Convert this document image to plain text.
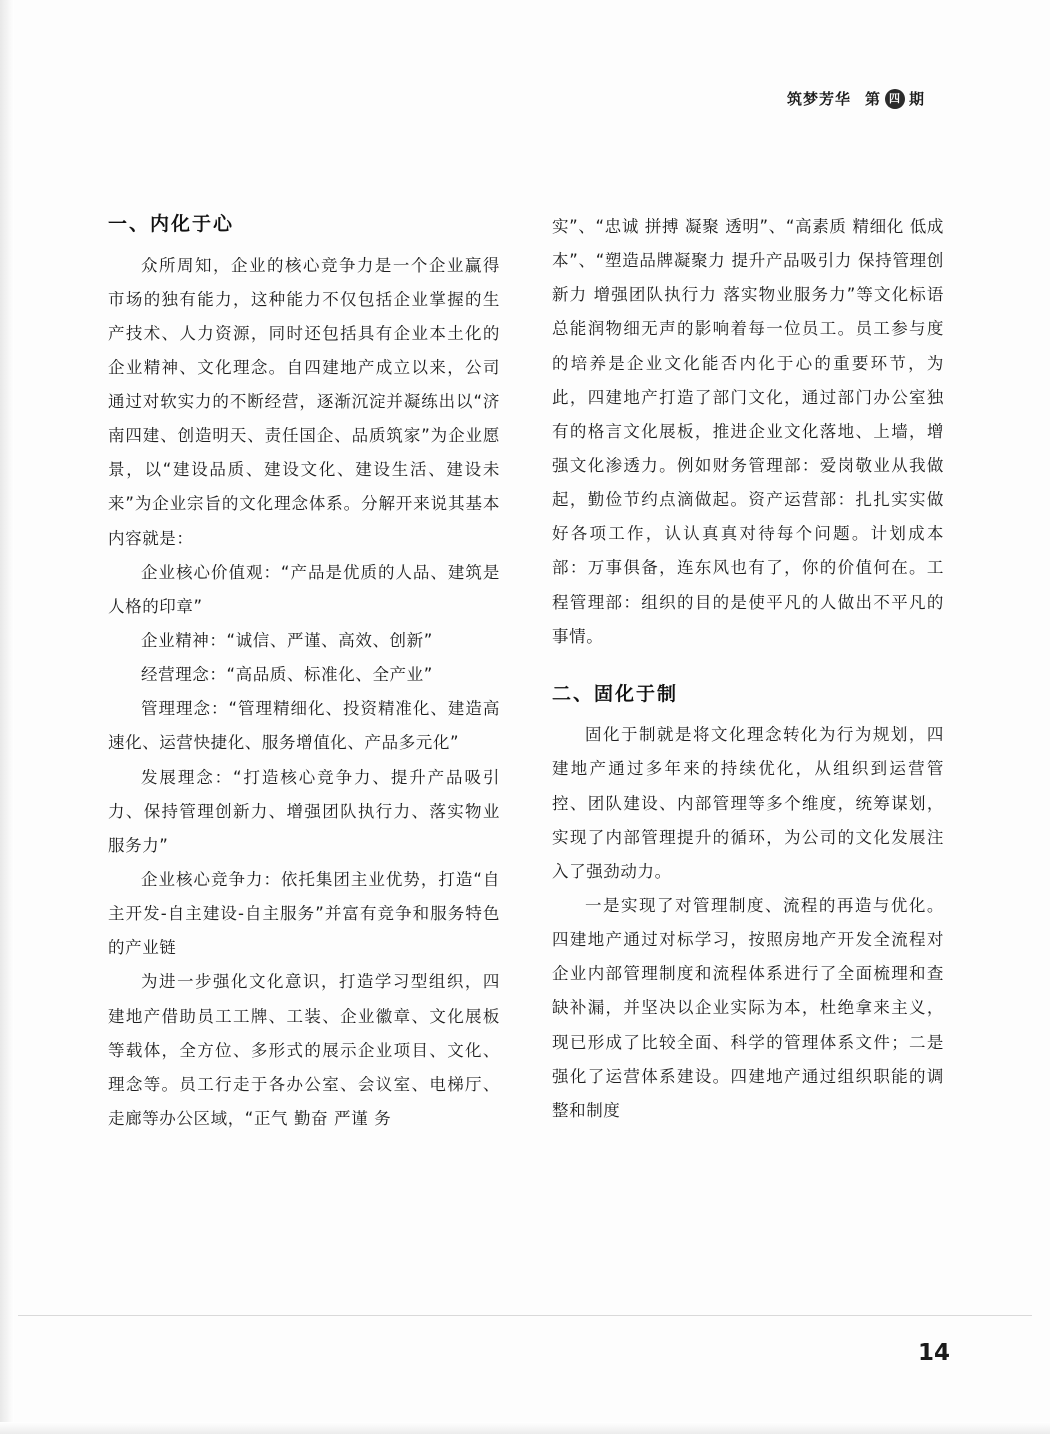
筑梦芳华 第 四 期
一、内化于心

众所周知，企业的核心竞争力是一个企业赢得市场的独有能力，这种能力不仅包括企业掌握的生产技术、人力资源，同时还包括具有企业本土化的企业精神、文化理念。自四建地产成立以来，公司通过对软实力的不断经营，逐渐沉淀并凝练出以“济南四建、创造明天、责任国企、品质筑家”为企业愿景，以“建设品质、建设文化、建设生活、建设未来”为企业宗旨的文化理念体系。分解开来说其基本内容就是：

企业核心价值观：“产品是优质的人品、建筑是人格的印章”

企业精神：“诚信、严谨、高效、创新”

经营理念：“高品质、标准化、全产业”

管理理念：“管理精细化、投资精准化、建造高速化、运营快捷化、服务增值化、产品多元化”

发展理念：“打造核心竞争力、提升产品吸引力、保持管理创新力、增强团队执行力、落实物业服务力”

企业核心竞争力：依托集团主业优势，打造“自主开发-自主建设-自主服务”并富有竞争和服务特色的产业链

为进一步强化文化意识，打造学习型组织，四建地产借助员工工牌、工装、企业徽章、文化展板等载体，全方位、多形式的展示企业项目、文化、理念等。员工行走于各办公室、会议室、电梯厅、走廊等办公区域，“正气 勤奋 严谨 务

实”、“忠诚 拼搏 凝聚 透明”、“高素质 精细化 低成本”、“塑造品牌凝聚力 提升产品吸引力 保持管理创新力 增强团队执行力 落实物业服务力”等文化标语总能润物细无声的影响着每一位员工。员工参与度的培养是企业文化能否内化于心的重要环节，为此，四建地产打造了部门文化，通过部门办公室独有的格言文化展板，推进企业文化落地、上墙，增强文化渗透力。例如财务管理部：爱岗敬业从我做起，勤俭节约点滴做起。资产运营部：扎扎实实做好各项工作，认认真真对待每个问题。计划成本部：万事俱备，连东风也有了，你的价值何在。工程管理部：组织的目的是使平凡的人做出不平凡的事情。

二、固化于制

固化于制就是将文化理念转化为行为规划，四建地产通过多年来的持续优化，从组织到运营管控、团队建设、内部管理等多个维度，统筹谋划，实现了内部管理提升的循环，为公司的文化发展注入了强劲动力。

一是实现了对管理制度、流程的再造与优化。四建地产通过对标学习，按照房地产开发全流程对企业内部管理制度和流程体系进行了全面梳理和查缺补漏，并坚决以企业实际为本，杜绝拿来主义，现已形成了比较全面、科学的管理体系文件；二是强化了运营体系建设。四建地产通过组织职能的调整和制度

14
